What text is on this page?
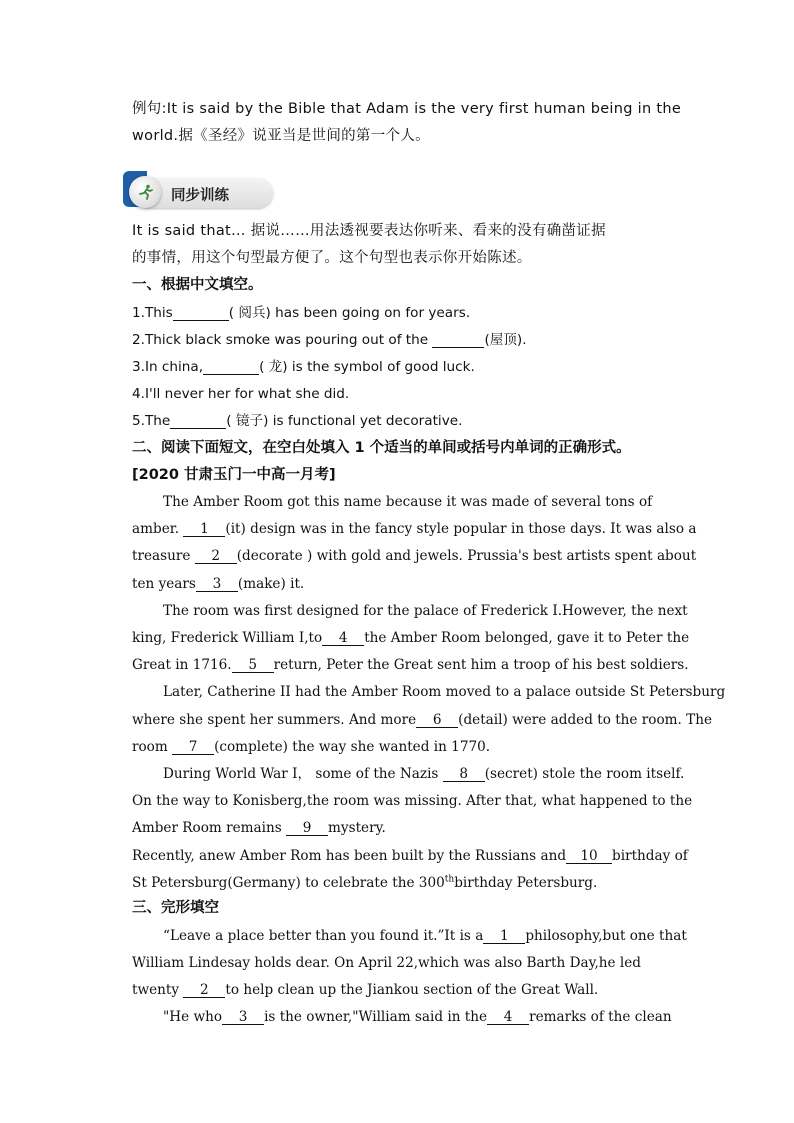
例句:It is said by the Bible that Adam is the very first human being in the
world.据《圣经》说亚当是世间的第一个人。
同步训练
It is said that… 据说……用法透视要表达你听来、看来的没有确凿证据
的事情，用这个句型最方便了。这个句型也表示你开始陈述。
一、根据中文填空。
1.This	( 阅兵) has been going on for years.
2.Thick black smoke was pouring out of the	(屋顶).
3.In china,	( 龙) is the symbol of good luck.
4.I'll never her for what she did.
5.The	( 镜子) is functional yet decorative.
二、阅读下面短文，在空白处填入 1 个适当的单间或括号内单词的正确形式。
[2020 甘肃玉门一中高一月考]
The Amber Room got this name because it was made of several tons of
amber. 1 (it) design was in the fancy style popular in those days. It was also a
treasure 2 (decorate ) with gold and jewels. Prussia's best artists spent about
ten years 3 (make) it.
The room was first designed for the palace of Frederick I.However, the next
king, Frederick William I,to 4 the Amber Room belonged, gave it to Peter the
Great in 1716. 5 return, Peter the Great sent him a troop of his best soldiers.
Later, Catherine II had the Amber Room moved to a palace outside St Petersburg
where she spent her summers. And more 6 (detail) were added to the room. The
room 7 (complete) the way she wanted in 1770.
During World War I， some of the Nazis 8 (secret) stole the room itself.
On the way to Konisberg,the room was missing. After that, what happened to the
Amber Room remains 9 mystery.
Recently, anew Amber Rom has been built by the Russians and 10 birthday of
St Petersburg(Germany) to celebrate the 300thbirthday Petersburg.
三、完形填空
“Leave a place better than you found it.”It is a 1 philosophy,but one that
William Lindesay holds dear. On April 22,which was also Barth Day,he led
twenty 2 to help clean up the Jiankou section of the Great Wall.
"He who 3 is the owner,"William said in the 4 remarks of the clean
